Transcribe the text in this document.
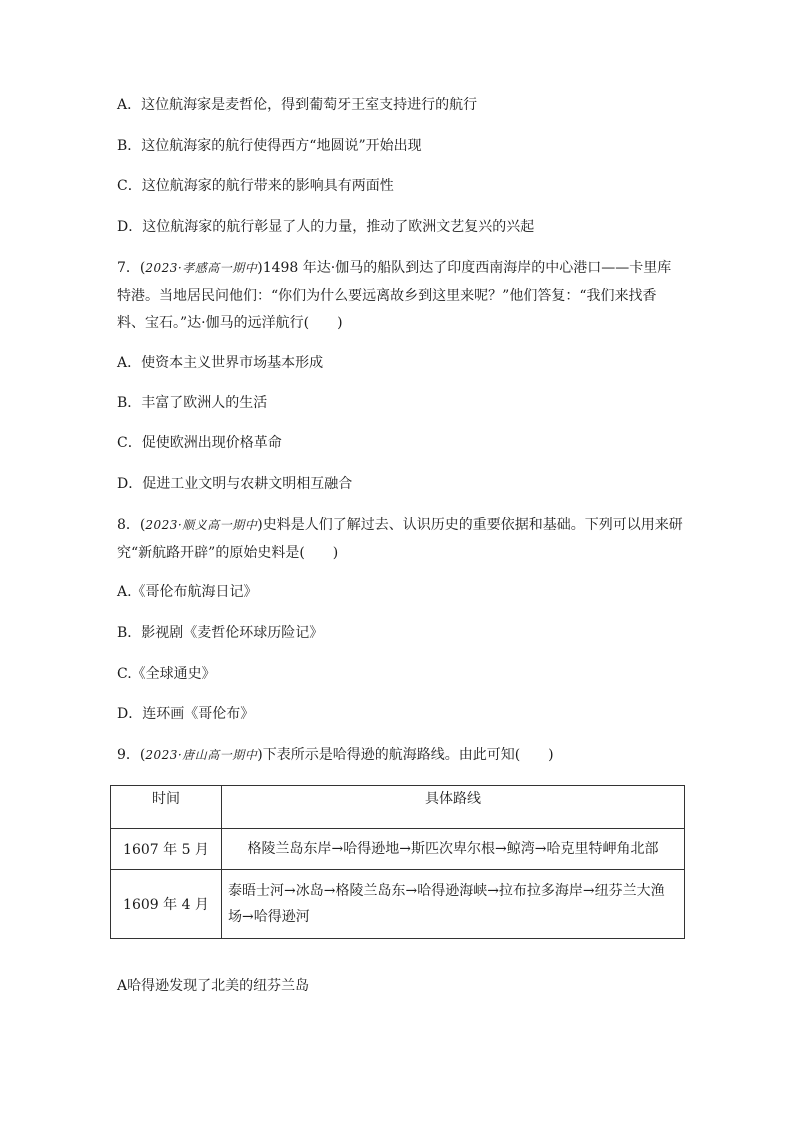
A．这位航海家是麦哲伦，得到葡萄牙王室支持进行的航行
B．这位航海家的航行使得西方“地圆说”开始出现
C．这位航海家的航行带来的影响具有两面性
D．这位航海家的航行彰显了人的力量，推动了欧洲文艺复兴的兴起
7．(2023·孝感高一期中)1498 年达·伽马的船队到达了印度西南海岸的中心港口——卡里库
特港。当地居民问他们：“你们为什么要远离故乡到这里来呢？”他们答复：“我们来找香
料、宝石。”达·伽马的远洋航行(　　)
A．使资本主义世界市场基本形成
B．丰富了欧洲人的生活
C．促使欧洲出现价格革命
D．促进工业文明与农耕文明相互融合
8．(2023·顺义高一期中)史料是人们了解过去、认识历史的重要依据和基础。下列可以用来研
究“新航路开辟”的原始史料是(　　)
A.《哥伦布航海日记》
B．影视剧《麦哲伦环球历险记》
C.《全球通史》
D．连环画《哥伦布》
9．(2023·唐山高一期中)下表所示是哈得逊的航海路线。由此可知(　　)
时间	具体路线
1607 年 5 月	格陵兰岛东岸→哈得逊地→斯匹次卑尔根→鲸湾→哈克里特岬角北部
1609 年 4 月	泰晤士河→冰岛→格陵兰岛东→哈得逊海峡→拉布拉多海岸→纽芬兰大渔
场→哈得逊河
A哈得逊发现了北美的纽芬兰岛
